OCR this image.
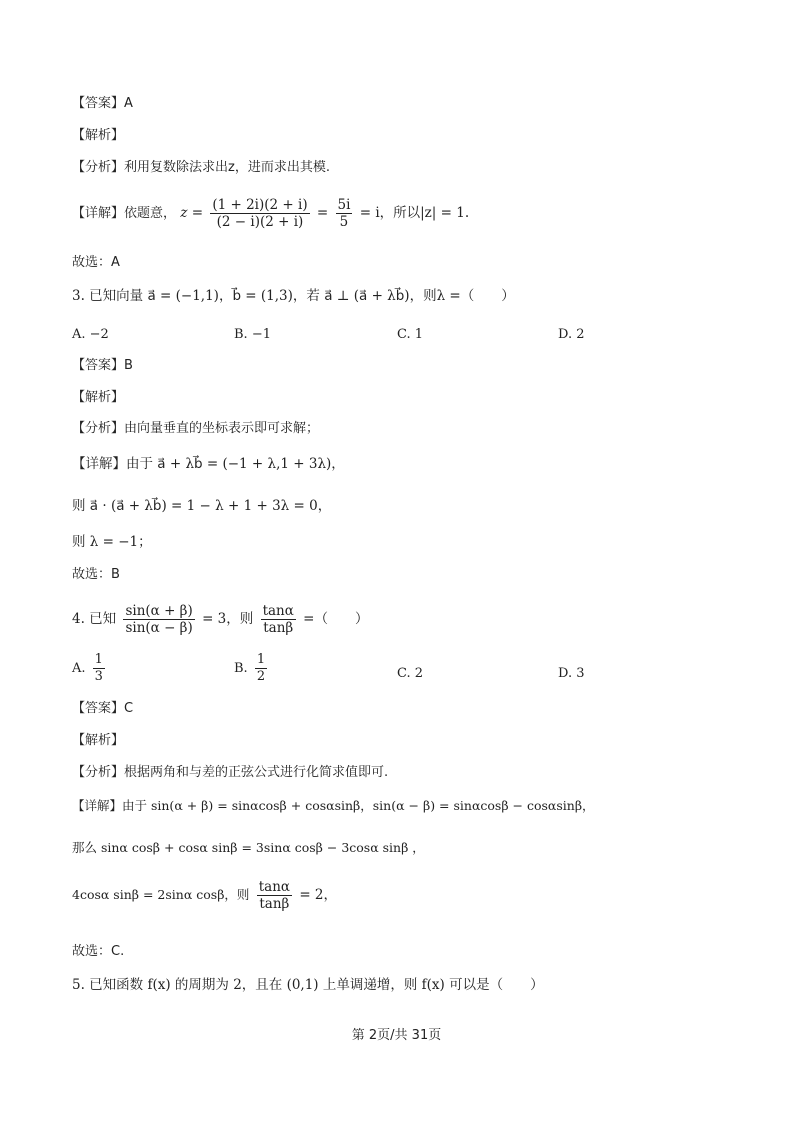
【答案】A
【解析】
【分析】利用复数除法求出z，进而求出其模.
【详解】依题意， $z = \frac{(1 + 2i)(2 + i)}{(2 - i)(2 + i)} = \frac{5i}{5} = i$，所以|z| = 1.
故选：A
3. 已知向量 a⃗ = (−1,1)，b⃗ = (1,3)，若 a⃗ ⊥ (a⃗ + λb⃗)，则λ =（　　）
A. −2	B. −1	C. 1	D. 2
【答案】B
【解析】
【分析】由向量垂直的坐标表示即可求解；
【详解】由于 a⃗ + λb⃗ = (−1 + λ,1 + 3λ)，
则 a⃗ · (a⃗ + λb⃗) = 1 − λ + 1 + 3λ = 0，
则 λ = −1；
故选：B
4. 已知 $\frac{\sin(\alpha + \beta)}{\sin(\alpha - \beta)} = 3$，则 $\frac{\tan\alpha}{\tan\beta}$ =（　　）
A. $\frac{1}{3}$	B. $\frac{1}{2}$	C. 2	D. 3
【答案】C
【解析】
【分析】根据两角和与差的正弦公式进行化简求值即可.
【详解】由于 sin(α + β) = sinαcosβ + cosαsinβ，sin(α − β) = sinαcosβ − cosαsinβ，
那么 sinα cosβ + cosα sinβ = 3sinα cosβ − 3cosα sinβ ，
4cosα sinβ = 2sinα cosβ，则 $\frac{\tan\alpha}{\tan\beta} = 2$，
故选：C.
5. 已知函数 f(x) 的周期为 2，且在 (0,1) 上单调递增，则 f(x) 可以是（　　）
第 2页/共 31页
